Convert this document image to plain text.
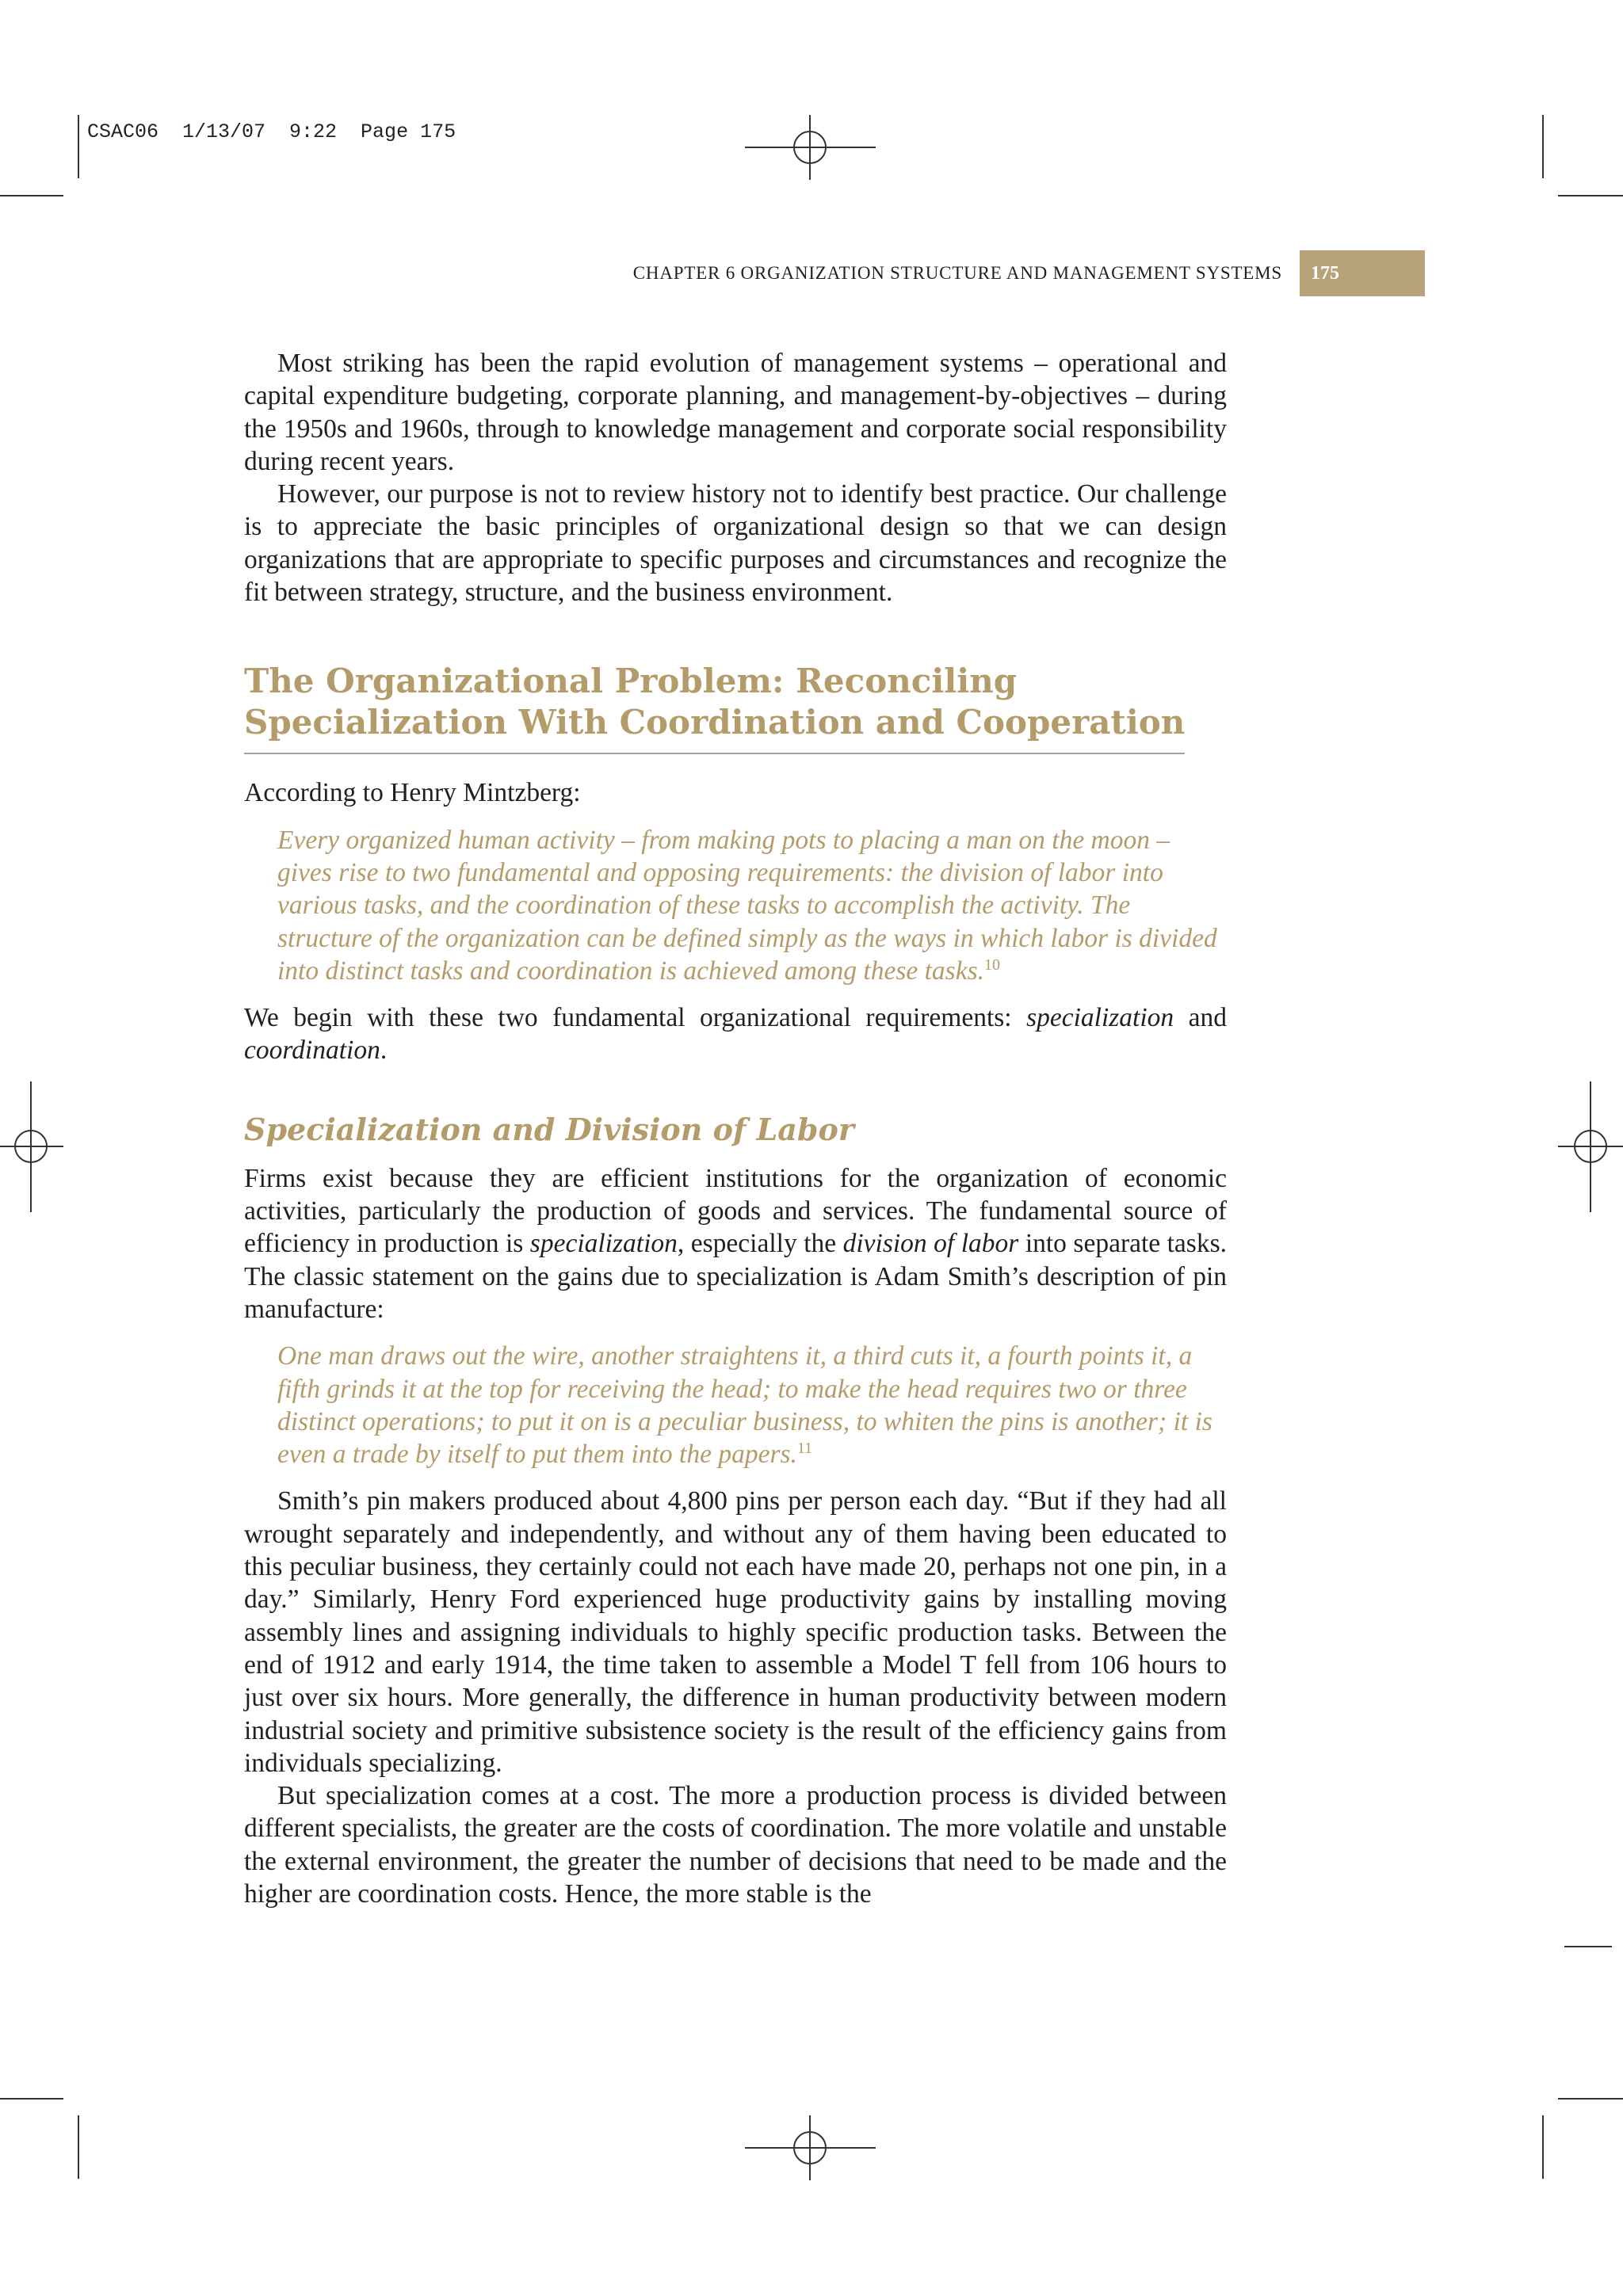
CSAC06  1/13/07  9:22  Page 175
CHAPTER 6 ORGANIZATION STRUCTURE AND MANAGEMENT SYSTEMS	175

Most striking has been the rapid evolution of management systems – operational and capital expenditure budgeting, corporate planning, and management-by-objectives – during the 1950s and 1960s, through to knowledge management and corporate social responsibility during recent years.

However, our purpose is not to review history not to identify best practice. Our challenge is to appreciate the basic principles of organizational design so that we can design organizations that are appropriate to specific purposes and circumstances and recognize the fit between strategy, structure, and the business environment.

The Organizational Problem: Reconciling
Specialization With Coordination and Cooperation

According to Henry Mintzberg:

Every organized human activity – from making pots to placing a man on the moon – gives rise to two fundamental and opposing requirements: the division of labor into various tasks, and the coordination of these tasks to accomplish the activity. The structure of the organization can be defined simply as the ways in which labor is divided into distinct tasks and coordination is achieved among these tasks.$^{10}$

We begin with these two fundamental organizational requirements: specialization and coordination.

Specialization and Division of Labor

Firms exist because they are efficient institutions for the organization of economic activities, particularly the production of goods and services. The fundamental source of efficiency in production is specialization, especially the division of labor into separate tasks. The classic statement on the gains due to specialization is Adam Smith’s description of pin manufacture:

One man draws out the wire, another straightens it, a third cuts it, a fourth points it, a fifth grinds it at the top for receiving the head; to make the head requires two or three distinct operations; to put it on is a peculiar business, to whiten the pins is another; it is even a trade by itself to put them into the papers.$^{11}$

Smith’s pin makers produced about 4,800 pins per person each day. “But if they had all wrought separately and independently, and without any of them having been educated to this peculiar business, they certainly could not each have made 20, perhaps not one pin, in a day.” Similarly, Henry Ford experienced huge productivity gains by installing moving assembly lines and assigning individuals to highly specific production tasks. Between the end of 1912 and early 1914, the time taken to assemble a Model T fell from 106 hours to just over six hours. More generally, the difference in human productivity between modern industrial society and primitive subsistence society is the result of the efficiency gains from individuals specializing.

But specialization comes at a cost. The more a production process is divided between different specialists, the greater are the costs of coordination. The more volatile and unstable the external environment, the greater the number of decisions that need to be made and the higher are coordination costs. Hence, the more stable is the
